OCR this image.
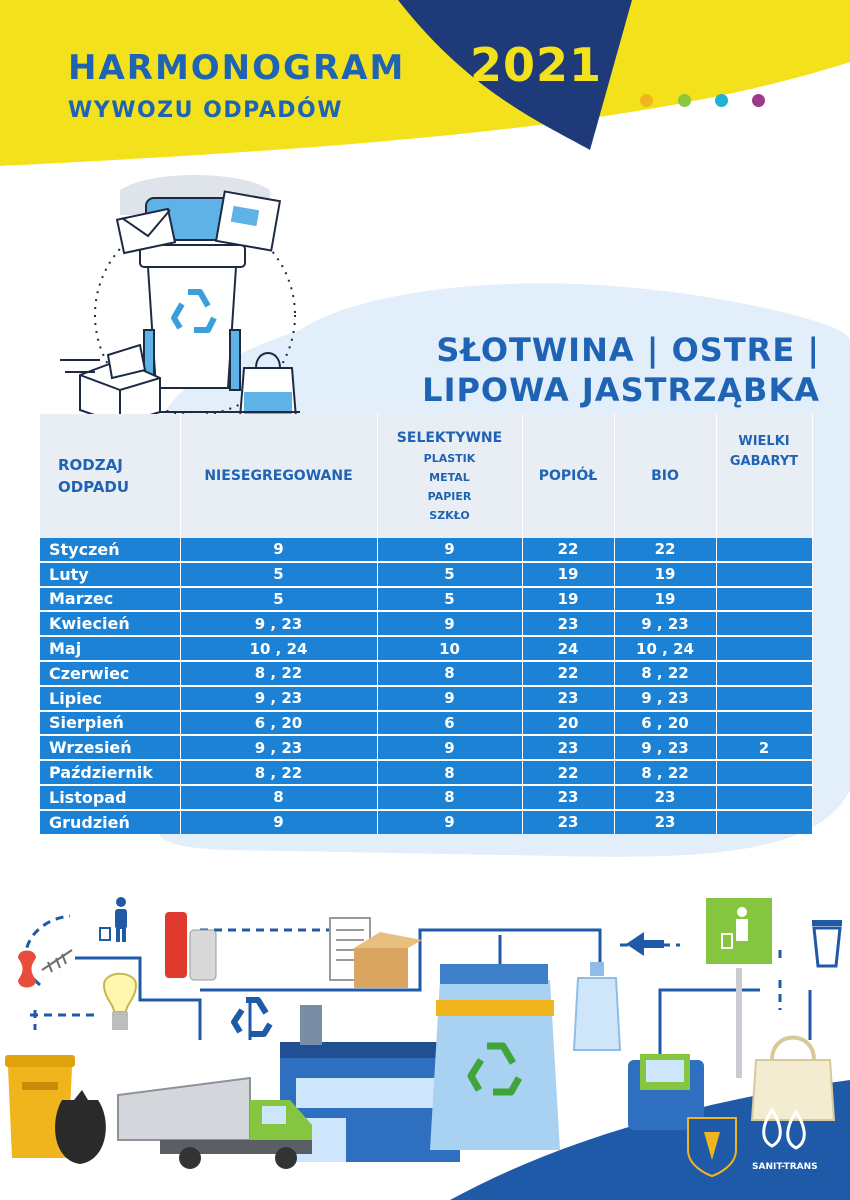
HARMONOGRAM
WYWOZU ODPADÓW
2021
SŁOTWINA | OSTRE |
LIPOWA JASTRZĄBKA
RODZAJ
ODPADU	NIESEGREGOWANE	SELEKTYWNE
PLASTIK
METAL
PAPIER
SZKŁO	POPIÓŁ	BIO	WIELKI
GABARYT
Styczeń	9	9	22	22	
Luty	5	5	19	19	
Marzec	5	5	19	19	
Kwiecień	9 , 23	9	23	9 , 23	
Maj	10 , 24	10	24	10 , 24	
Czerwiec	8 , 22	8	22	8 , 22	
Lipiec	9 , 23	9	23	9 , 23	
Sierpień	6 , 20	6	20	6 , 20	
Wrzesień	9 , 23	9	23	9 , 23	2
Październik	8 , 22	8	22	8 , 22	
Listopad	8	8	23	23	
Grudzień	9	9	23	23	
SANIT-TRANS
